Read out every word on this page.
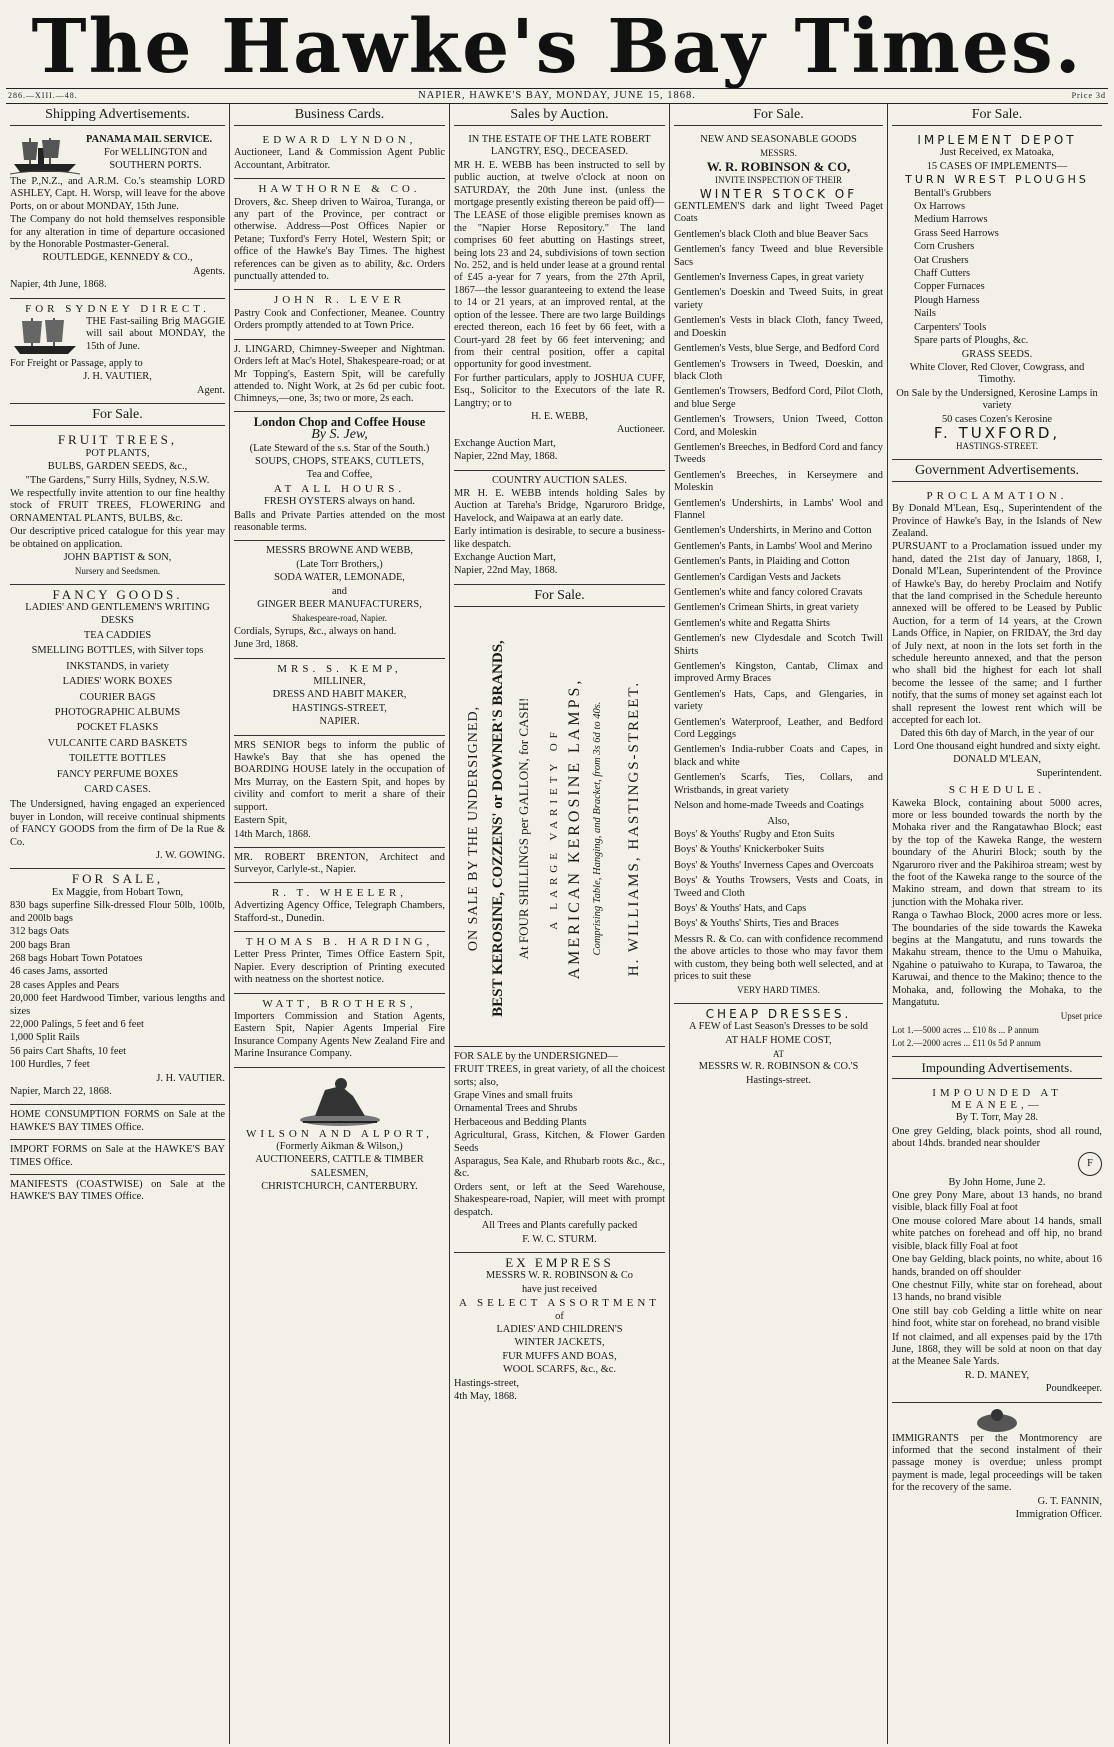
The Hawke's Bay Times.
286.—XIII.—48.	NAPIER, HAWKE'S BAY, MONDAY, JUNE 15, 1868.	Price 3d
Shipping Advertisements.

PANAMA MAIL SERVICE.

For WELLINGTON and SOUTHERN PORTS.

The P.,N.Z., and A.R.M. Co.'s steamship LORD ASHLEY, Capt. H. Worsp, will leave for the above Ports, on or about MONDAY, 15th June.

The Company do not hold themselves responsible for any alteration in time of departure occasioned by the Honorable Postmaster-General.

ROUTLEDGE, KENNEDY & CO.,

Agents.

Napier, 4th June, 1868.

FOR SYDNEY DIRECT.

THE Fast-sailing Brig MAGGIE will sail about MONDAY, the 15th of June.

For Freight or Passage, apply to

J. H. VAUTIER,

Agent.

For Sale.

FRUIT TREES,

POT PLANTS,

BULBS, GARDEN SEEDS, &c.,

"The Gardens," Surry Hills, Sydney, N.S.W.

We respectfully invite attention to our fine healthy stock of FRUIT TREES, FLOWERING and ORNAMENTAL PLANTS, BULBS, &c.

Our descriptive priced catalogue for this year may be obtained on application.

JOHN BAPTIST & SON,

Nursery and Seedsmen.

FANCY GOODS.

LADIES' AND GENTLEMEN'S WRITING DESKS

TEA CADDIES

SMELLING BOTTLES, with Silver tops

INKSTANDS, in variety

LADIES' WORK BOXES

COURIER BAGS

PHOTOGRAPHIC ALBUMS

POCKET FLASKS

VULCANITE CARD BASKETS

TOILETTE BOTTLES

FANCY PERFUME BOXES

CARD CASES.

The Undersigned, having engaged an experienced buyer in London, will receive continual shipments of FANCY GOODS from the firm of De la Rue & Co.

J. W. GOWING.

FOR SALE,

Ex Maggie, from Hobart Town,

830 bags superfine Silk-dressed Flour 50lb, 100lb, and 200lb bags

312 bags Oats

200 bags Bran

268 bags Hobart Town Potatoes

46 cases Jams, assorted

28 cases Apples and Pears

20,000 feet Hardwood Timber, various lengths and sizes

22,000 Palings, 5 feet and 6 feet

1,000 Split Rails

56 pairs Cart Shafts, 10 feet

100 Hurdles, 7 feet

J. H. VAUTIER.

Napier, March 22, 1868.

HOME CONSUMPTION FORMS on Sale at the HAWKE'S BAY TIMES Office.
IMPORT FORMS on Sale at the HAWKE'S BAY TIMES Office.
MANIFESTS (COASTWISE) on Sale at the HAWKE'S BAY TIMES Office.
Business Cards.

EDWARD LYNDON,

Auctioneer, Land & Commission Agent Public Accountant, Arbitrator.

HAWTHORNE & CO.

Drovers, &c. Sheep driven to Wairoa, Turanga, or any part of the Province, per contract or otherwise. Address—Post Offices Napier or Petane; Tuxford's Ferry Hotel, Western Spit; or office of the Hawke's Bay Times. The highest references can be given as to ability, &c. Orders punctually attended to.

JOHN R. LEVER

Pastry Cook and Confectioner, Meanee. Country Orders promptly attended to at Town Price.

J. LINGARD, Chimney-Sweeper and Nightman. Orders left at Mac's Hotel, Shakespeare-road; or at Mr Topping's, Eastern Spit, will be carefully attended to. Night Work, at 2s 6d per cubic foot. Chimneys,—one, 3s; two or more, 2s each.

London Chop and Coffee House

By S. Jew,

(Late Steward of the s.s. Star of the South.)

SOUPS, CHOPS, STEAKS, CUTLETS,

Tea and Coffee,

AT ALL HOURS.

FRESH OYSTERS always on hand.

Balls and Private Parties attended on the most reasonable terms.

MESSRS BROWNE AND WEBB,

(Late Torr Brothers,)

SODA WATER, LEMONADE,

and

GINGER BEER MANUFACTURERS,

Shakespeare-road, Napier.

Cordials, Syrups, &c., always on hand.

June 3rd, 1868.

MRS. S. KEMP,

MILLINER,

DRESS AND HABIT MAKER,

HASTINGS-STREET,

NAPIER.

MRS SENIOR begs to inform the public of Hawke's Bay that she has opened the BOARDING HOUSE lately in the occupation of Mrs Murray, on the Eastern Spit, and hopes by civility and comfort to merit a share of their support.

Eastern Spit,

14th March, 1868.

MR. ROBERT BRENTON, Architect and Surveyor, Carlyle-st., Napier.

R. T. WHEELER,

Advertizing Agency Office, Telegraph Chambers, Stafford-st., Dunedin.

THOMAS B. HARDING,

Letter Press Printer, Times Office Eastern Spit, Napier. Every description of Printing executed with neatness on the shortest notice.

WATT, BROTHERS,

Importers Commission and Station Agents, Eastern Spit, Napier Agents Imperial Fire Insurance Company Agents New Zealand Fire and Marine Insurance Company.

WILSON AND ALPORT,

(Formerly Aikman & Wilson,)

AUCTIONEERS, CATTLE & TIMBER

SALESMEN,

CHRISTCHURCH, CANTERBURY.

Sales by Auction.

IN THE ESTATE OF THE LATE ROBERT LANGTRY, ESQ., DECEASED.

MR H. E. WEBB has been instructed to sell by public auction, at twelve o'clock at noon on SATURDAY, the 20th June inst. (unless the mortgage presently existing thereon be paid off)—

The LEASE of those eligible premises known as the "Napier Horse Repository." The land comprises 60 feet abutting on Hastings street, being lots 23 and 24, subdivisions of town section No. 252, and is held under lease at a ground rental of £45 a-year for 7 years, from the 27th April, 1867—the lessor guaranteeing to extend the lease to 14 or 21 years, at an improved rental, at the option of the lessee. There are two large Buildings erected thereon, each 16 feet by 66 feet, with a Court-yard 28 feet by 66 feet intervening; and from their central position, offer a capital opportunity for good investment.

For further particulars, apply to JOSHUA CUFF, Esq., Solicitor to the Executors of the late R. Langtry; or to

H. E. WEBB,

Auctioneer.

Exchange Auction Mart,

Napier, 22nd May, 1868.

COUNTRY AUCTION SALES.

MR H. E. WEBB intends holding Sales by Auction at Tareha's Bridge, Ngaruroro Bridge, Havelock, and Waipawa at an early date.

Early intimation is desirable, to secure a business-like despatch.

Exchange Auction Mart,

Napier, 22nd May, 1868.

For Sale.
ON SALE BY THE UNDERSIGNED, BEST KEROSINE, COZZENS' or DOWNER'S BRANDS, At FOUR SHILLINGS per GALLON, for CASH! A LARGE VARIETY OF AMERICAN KEROSINE LAMPS, Comprising Table, Hanging, and Bracket, from 3s 6d to 40s. H. WILLIAMS, HASTINGS-STREET.

FOR SALE by the UNDERSIGNED—

FRUIT TREES, in great variety, of all the choicest sorts; also,

Grape Vines and small fruits

Ornamental Trees and Shrubs

Herbaceous and Bedding Plants

Agricultural, Grass, Kitchen, & Flower Garden Seeds

Asparagus, Sea Kale, and Rhubarb roots &c., &c., &c.

Orders sent, or left at the Seed Warehouse, Shakespeare-road, Napier, will meet with prompt despatch.

All Trees and Plants carefully packed

F. W. C. STURM.

EX EMPRESS

MESSRS W. R. ROBINSON & Co

have just received

A SELECT ASSORTMENT

of

LADIES' AND CHILDREN'S

WINTER JACKETS,

FUR MUFFS AND BOAS,

WOOL SCARFS, &c., &c.

Hastings-street,

4th May, 1868.

For Sale.

NEW AND SEASONABLE GOODS

MESSRS.

W. R. ROBINSON & CO,

INVITE INSPECTION OF THEIR

WINTER STOCK OF

GENTLEMEN'S dark and light Tweed Paget Coats

Gentlemen's black Cloth and blue Beaver Sacs

Gentlemen's fancy Tweed and blue Reversible Sacs

Gentlemen's Inverness Capes, in great variety

Gentlemen's Doeskin and Tweed Suits, in great variety

Gentlemen's Vests in black Cloth, fancy Tweed, and Doeskin

Gentlemen's Vests, blue Serge, and Bedford Cord

Gentlemen's Trowsers in Tweed, Doeskin, and black Cloth

Gentlemen's Trowsers, Bedford Cord, Pilot Cloth, and blue Serge

Gentlemen's Trowsers, Union Tweed, Cotton Cord, and Moleskin

Gentlemen's Breeches, in Bedford Cord and fancy Tweeds

Gentlemen's Breeches, in Kerseymere and Moleskin

Gentlemen's Undershirts, in Lambs' Wool and Flannel

Gentlemen's Undershirts, in Merino and Cotton

Gentlemen's Pants, in Lambs' Wool and Merino

Gentlemen's Pants, in Plaiding and Cotton

Gentlemen's Cardigan Vests and Jackets

Gentlemen's white and fancy colored Cravats

Gentlemen's Crimean Shirts, in great variety

Gentlemen's white and Regatta Shirts

Gentlemen's new Clydesdale and Scotch Twill Shirts

Gentlemen's Kingston, Cantab, Climax and improved Army Braces

Gentlemen's Hats, Caps, and Glengaries, in variety

Gentlemen's Waterproof, Leather, and Bedford Cord Leggings

Gentlemen's India-rubber Coats and Capes, in black and white

Gentlemen's Scarfs, Ties, Collars, and Wristbands, in great variety

Nelson and home-made Tweeds and Coatings

Also,

Boys' & Youths' Rugby and Eton Suits

Boys' & Youths' Knickerboker Suits

Boys' & Youths' Inverness Capes and Overcoats

Boys' & Youths Trowsers, Vests and Coats, in Tweed and Cloth

Boys' & Youths' Hats, and Caps

Boys' & Youths' Shirts, Ties and Braces

Messrs R. & Co. can with confidence recommend the above articles to those who may favor them with custom, they being both well selected, and at prices to suit these

VERY HARD TIMES.

CHEAP DRESSES.

A FEW of Last Season's Dresses to be sold

AT HALF HOME COST,

AT

MESSRS W. R. ROBINSON & CO.'S

Hastings-street.

For Sale.

IMPLEMENT DEPOT

Just Received, ex Matoaka,

15 CASES OF IMPLEMENTS—

TURN WREST PLOUGHS

Bentall's Grubbers

Ox Harrows

Medium Harrows

Grass Seed Harrows

Corn Crushers

Oat Crushers

Chaff Cutters

Copper Furnaces

Plough Harness

Nails

Carpenters' Tools

Spare parts of Ploughs, &c.

GRASS SEEDS.

White Clover, Red Clover, Cowgrass, and Timothy.

On Sale by the Undersigned, Kerosine Lamps in variety

50 cases Cozen's Kerosine

F. TUXFORD,

HASTINGS-STREET.

Government Advertisements.

PROCLAMATION.

By Donald M'Lean, Esq., Superintendent of the Province of Hawke's Bay, in the Islands of New Zealand.

PURSUANT to a Proclamation issued under my hand, dated the 21st day of January, 1868, I, Donald M'Lean, Superintendent of the Province of Hawke's Bay, do hereby Proclaim and Notify that the land comprised in the Schedule hereunto annexed will be offered to be Leased by Public Auction, for a term of 14 years, at the Crown Lands Office, in Napier, on FRIDAY, the 3rd day of July next, at noon in the lots set forth in the schedule hereunto annexed, and that the person who shall bid the highest for each lot shall become the lessee of the same; and I further notify, that the sums of money set against each lot shall represent the lowest rent which will be accepted for each lot.

Dated this 6th day of March, in the year of our Lord One thousand eight hundred and sixty eight.

DONALD M'LEAN,

Superintendent.

SCHEDULE.

Kaweka Block, containing about 5000 acres, more or less bounded towards the north by the Mohaka river and the Rangatawhao Block; east by the top of the Kaweka Range, the western boundary of the Ahuriri Block; south by the Ngaruroro river and the Pakihiroa stream; west by the foot of the Kaweka range to the source of the Makino stream, and down that stream to its junction with the Mohaka river.

Ranga o Tawhao Block, 2000 acres more or less. The boundaries of the side towards the Kaweka begins at the Mangatutu, and runs towards the Makahu stream, thence to the Umu o Mahuika, Ngahine o patuiwaho to Kurapa, to Tawaroa, the Karuwai, and thence to the Makino; thence to the Mohaka, and, following the Mohaka, to the Mangatutu.

Upset price

Lot 1.—5000 acres ... £10 8s ... P annum

Lot 2.—2000 acres ... £11 0s 5d P annum

Impounding Advertisements.

IMPOUNDED AT MEANEE,—

By T. Torr, May 28.

One grey Gelding, black points, shod all round, about 14hds. branded near shoulder

F

By John Home, June 2.

One grey Pony Mare, about 13 hands, no brand visible, black filly Foal at foot

One mouse colored Mare about 14 hands, small white patches on forehead and off hip, no brand visible, black filly Foal at foot

One bay Gelding, black points, no white, about 16 hands, branded on off shoulder

One chestnut Filly, white star on forehead, about 13 hands, no brand visible

One still bay cob Gelding a little white on near hind foot, white star on forehead, no brand visible

If not claimed, and all expenses paid by the 17th June, 1868, they will be sold at noon on that day at the Meanee Sale Yards.

R. D. MANEY,

Poundkeeper.

IMMIGRANTS per the Montmorency are informed that the second instalment of their passage money is overdue; unless prompt payment is made, legal proceedings will be taken for the recovery of the same.

G. T. FANNIN,

Immigration Officer.
